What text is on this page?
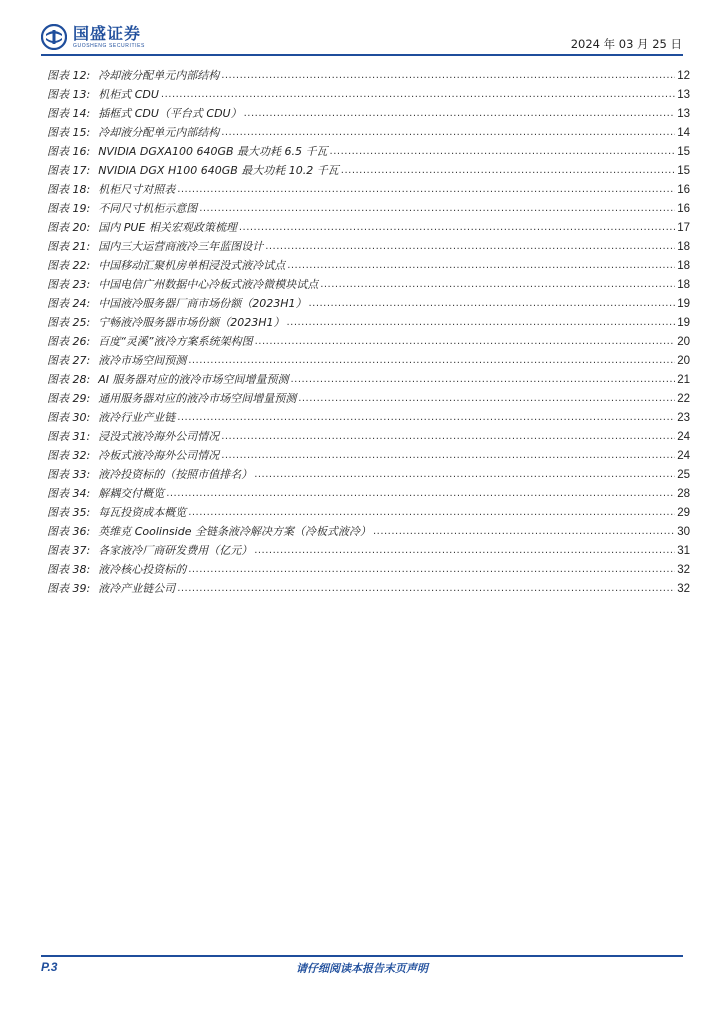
国盛证券
GUOSHENG SECURITIES	2024 年 03 月 25 日
图表 12: 冷却液分配单元内部结构 .....	12
图表 13: 机柜式 CDU .....	13
图表 14: 插框式 CDU（平台式 CDU） .....	13
图表 15: 冷却液分配单元内部结构 .....	14
图表 16: NVIDIA DGXA100 640GB 最大功耗 6.5 千瓦 .....	15
图表 17: NVIDIA DGX H100 640GB 最大功耗 10.2 千瓦 .....	15
图表 18: 机柜尺寸对照表 .....	16
图表 19: 不同尺寸机柜示意图 .....	16
图表 20: 国内 PUE 相关宏观政策梳理 .....	17
图表 21: 国内三大运营商液冷三年蓝图设计 .....	18
图表 22: 中国移动汇聚机房单相浸没式液冷试点 .....	18
图表 23: 中国电信广州数据中心冷板式液冷微模块试点 .....	18
图表 24: 中国液冷服务器厂商市场份额（2023H1） .....	19
图表 25: 宁畅液冷服务器市场份额（2023H1） .....	19
图表 26: 百度“灵溪”液冷方案系统架构图 .....	20
图表 27: 液冷市场空间预测 .....	20
图表 28: AI 服务器对应的液冷市场空间增量预测 .....	21
图表 29: 通用服务器对应的液冷市场空间增量预测 .....	22
图表 30: 液冷行业产业链 .....	23
图表 31: 浸没式液冷海外公司情况 .....	24
图表 32: 冷板式液冷海外公司情况 .....	24
图表 33: 液冷投资标的（按照市值排名） .....	25
图表 34: 解耦交付概览 .....	28
图表 35: 每瓦投资成本概览 .....	29
图表 36: 英维克 Coolinside 全链条液冷解决方案（冷板式液冷） .....	30
图表 37: 各家液冷厂商研发费用（亿元） .....	31
图表 38: 液冷核心投资标的 .....	32
图表 39: 液冷产业链公司 .....	32
P.3	请仔细阅读本报告末页声明
